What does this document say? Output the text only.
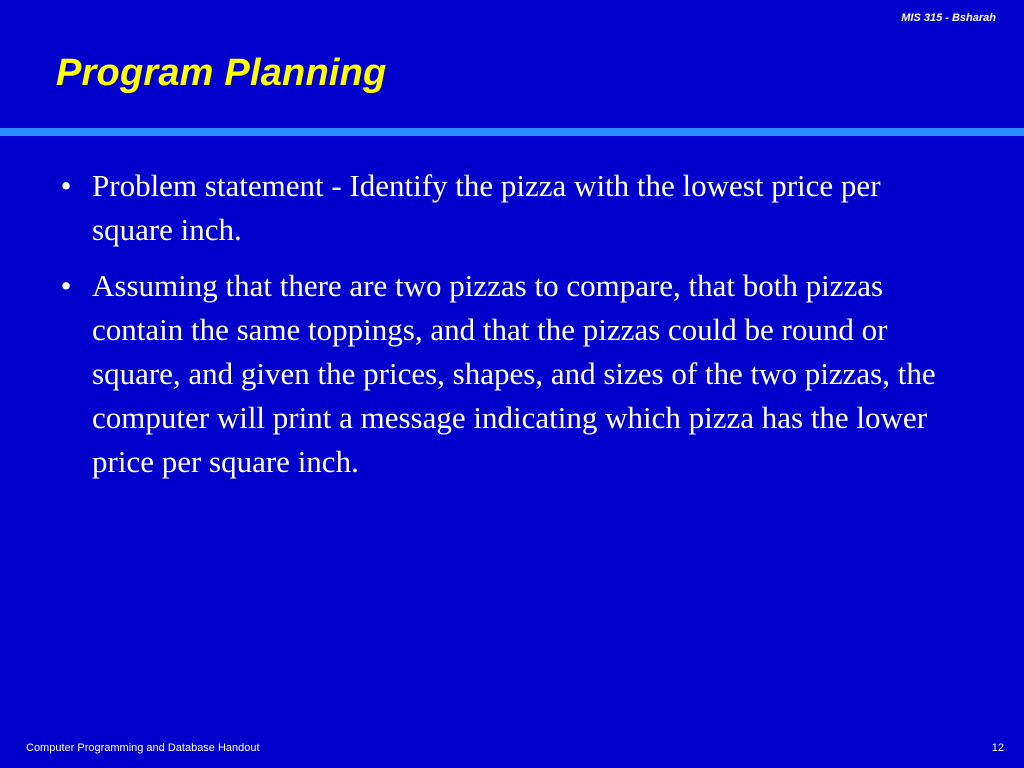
MIS 315 - Bsharah
Program Planning
• Problem statement - Identify the pizza with the lowest price per square inch.
• Assuming that there are two pizzas to compare, that both pizzas contain the same toppings, and that the pizzas could be round or square, and given the prices, shapes, and sizes of the two pizzas, the computer will print a message indicating which pizza has the lower price per square inch.
Computer Programming and Database Handout	12
